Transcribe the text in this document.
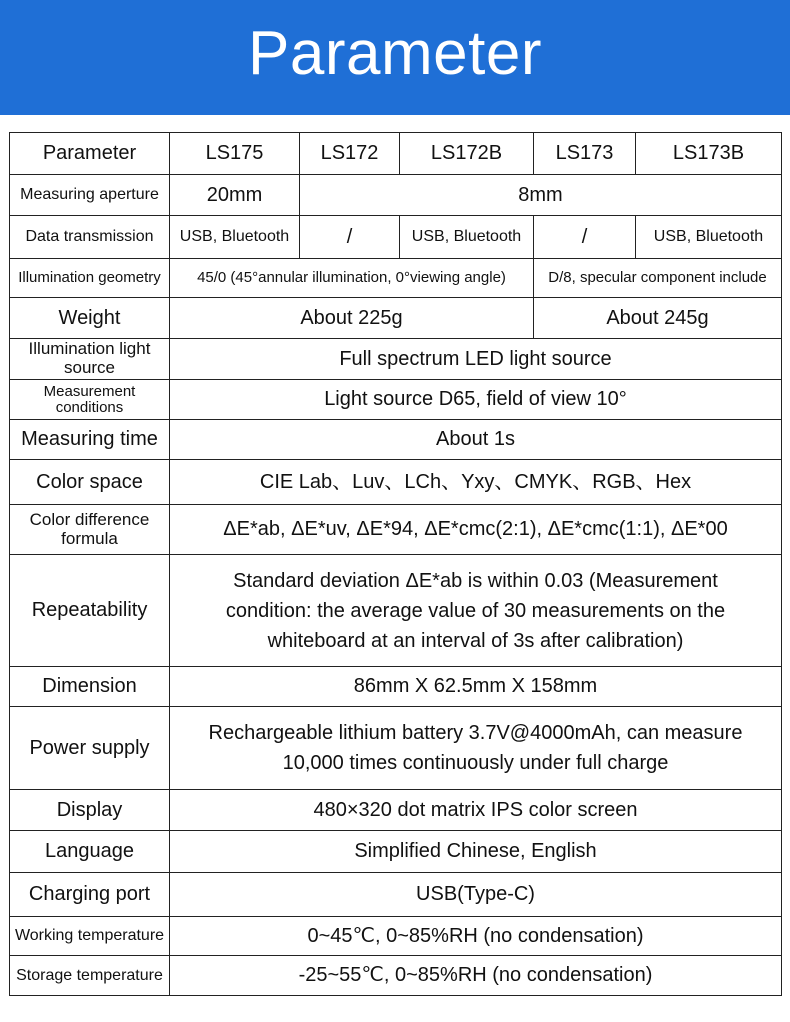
Parameter
Parameter	LS175	LS172	LS172B	LS173	LS173B
Measuring aperture	20mm	8mm			
Data transmission	USB, Bluetooth	/	USB, Bluetooth	/	USB, Bluetooth
Illumination geometry	45/0 (45°annular illumination, 0°viewing angle)			D/8, specular component include	
Weight	About 225g			About 245g	
Illumination light source	Full spectrum LED light source				
Measurement conditions	Light source D65, field of view 10°				
Measuring time	About 1s				
Color space	CIE Lab、Luv、LCh、Yxy、CMYK、RGB、Hex				
Color difference formula	ΔE*ab, ΔE*uv, ΔE*94, ΔE*cmc(2:1), ΔE*cmc(1:1), ΔE*00				
Repeatability	Standard deviation ΔE*ab is within 0.03 (Measurement condition: the average value of 30 measurements on the whiteboard at an interval of 3s after calibration)				
Dimension	86mm X 62.5mm X 158mm				
Power supply	Rechargeable lithium battery 3.7V@4000mAh, can measure 10,000 times continuously under full charge				
Display	480×320 dot matrix IPS color screen				
Language	Simplified Chinese, English				
Charging port	USB(Type-C)				
Working temperature	0~45℃, 0~85%RH (no condensation)				
Storage temperature	-25~55℃, 0~85%RH (no condensation)				
